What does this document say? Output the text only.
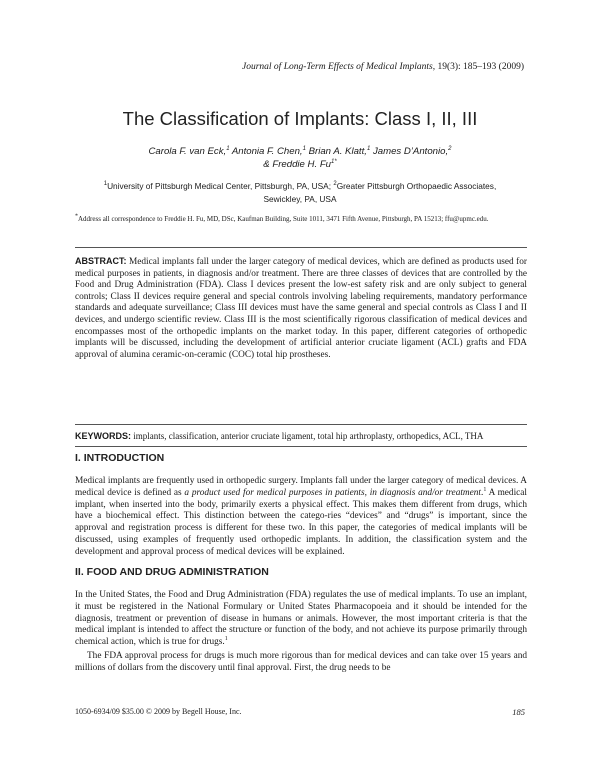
Journal of Long-Term Effects of Medical Implants, 19(3): 185–193 (2009)
The Classification of Implants: Class I, II, III
Carola F. van Eck,$^1$ Antonia F. Chen,$^1$ Brian A. Klatt,$^1$ James D’Antonio,$^2$
& Freddie H. $Fu^{1*}$
$^1$University of Pittsburgh Medical Center, Pittsburgh, PA, USA; $^2$Greater Pittsburgh Orthopaedic Associates, Sewickley, PA, USA
*Address all correspondence to Freddie H. Fu, MD, DSc, Kaufman Building, Suite 1011, 3471 Fifth Avenue, Pittsburgh, PA 15213; ffu@upmc.edu.
ABSTRACT: Medical implants fall under the larger category of medical devices, which are defined as products used for medical purposes in patients, in diagnosis and/or treatment. There are three classes of devices that are controlled by the Food and Drug Administration (FDA). Class I devices present the low-est safety risk and are only subject to general controls; Class II devices require general and special controls involving labeling requirements, mandatory performance standards and adequate surveillance; Class III devices must have the same general and special controls as Class I and II devices, and undergo scientific review. Class III is the most scientifically rigorous classification of medical devices and encompasses most of the orthopedic implants on the market today. In this paper, different categories of orthopedic implants will be discussed, including the development of artificial anterior cruciate ligament (ACL) grafts and FDA approval of alumina ceramic-on-ceramic (COC) total hip prostheses.
KEYWORDS: implants, classification, anterior cruciate ligament, total hip arthroplasty, orthopedics, ACL, THA
I. INTRODUCTION

Medical implants are frequently used in orthopedic surgery. Implants fall under the larger category of medical devices. A medical device is defined as a product used for medical purposes in patients, in diagnosis and/or treatment.$^1$ A medical implant, when inserted into the body, primarily exerts a physical effect. This makes them different from drugs, which have a biochemical effect. This distinction between the catego-ries “devices” and “drugs” is important, since the approval and registration process is different for these two. In this paper, the categories of medical implants will be discussed, using examples of frequently used orthopedic implants. In addition, the classification system and the development and approval process of medical devices will be explained.

II. FOOD AND DRUG ADMINISTRATION

In the United States, the Food and Drug Administration (FDA) regulates the use of medical implants. To use an implant, it must be registered in the National Formulary or United States Pharmacopoeia and it should be intended for the diagnosis, treatment or prevention of disease in humans or animals. However, the most important criteria is that the medical implant is intended to affect the structure or function of the body, and not achieve its purpose primarily through chemical action, which is true for drugs.$^1$

The FDA approval process for drugs is much more rigorous than for medical devices and can take over 15 years and millions of dollars from the discovery until final approval. First, the drug needs to be

1050-6934/09 $35.00 © 2009 by Begell House, Inc.	185
